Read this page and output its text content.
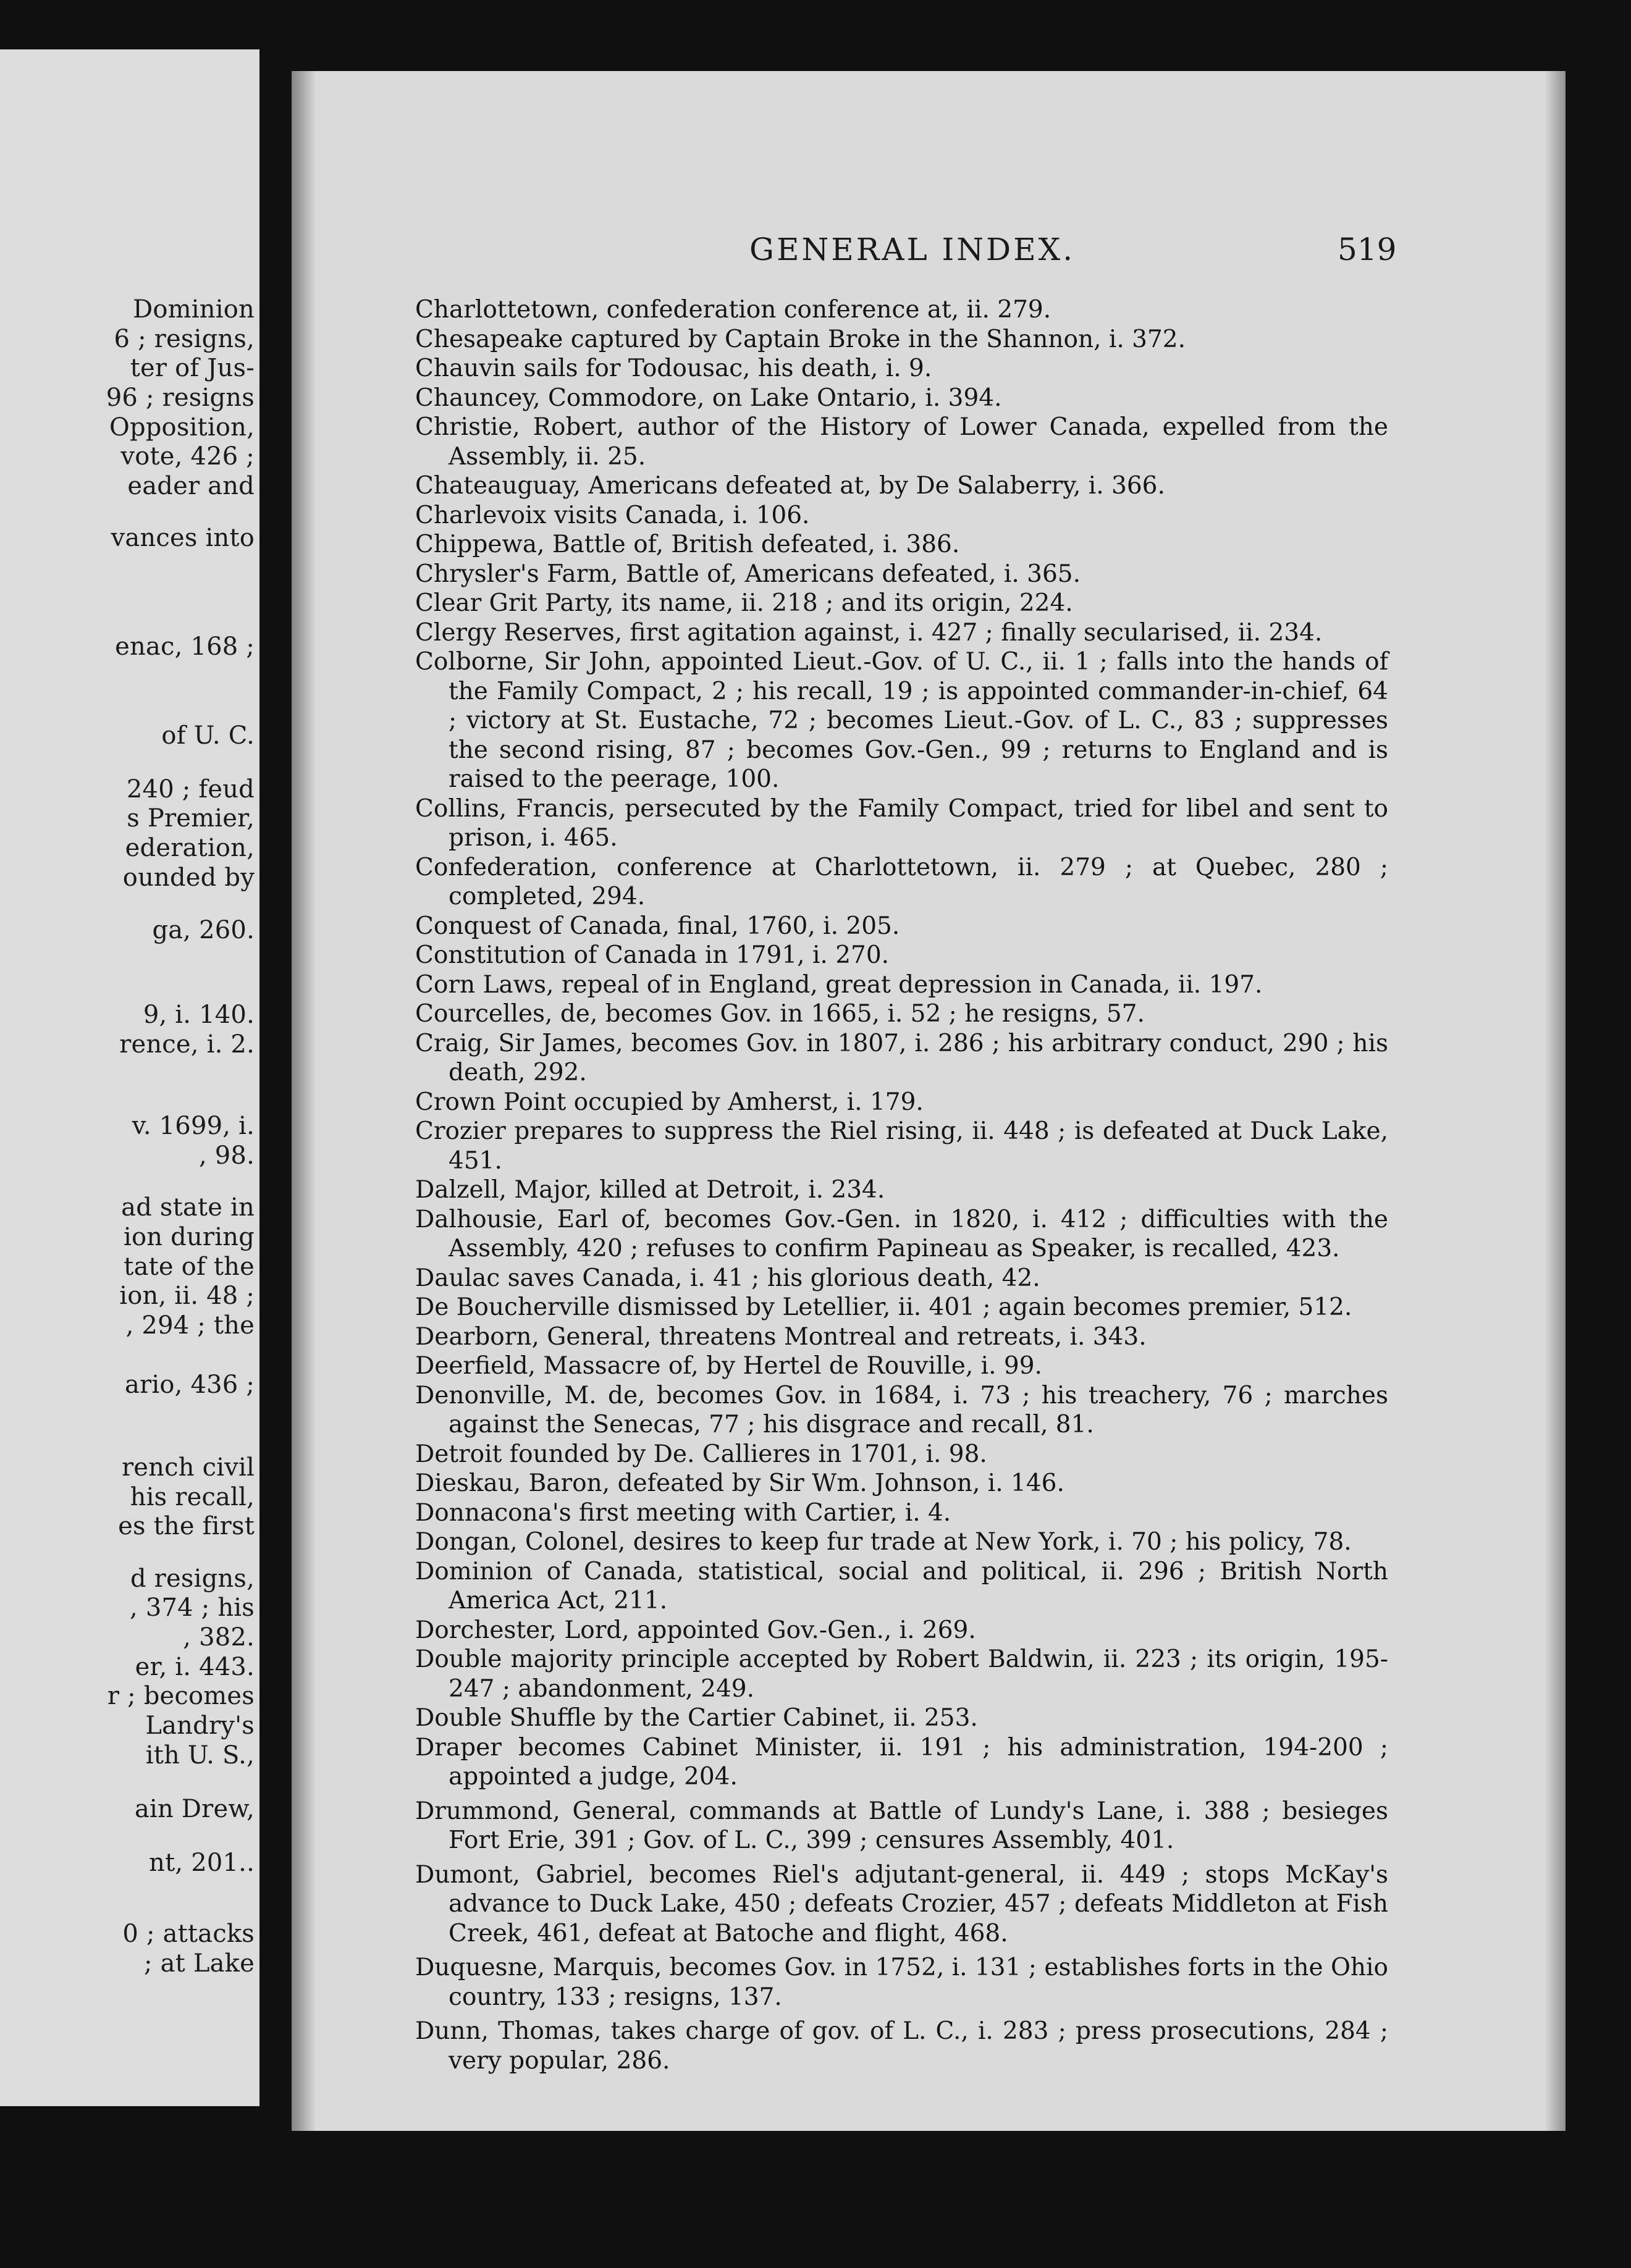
Dominion
6 ; resigns,
ter of Jus-
96 ; resigns
Opposition,
vote, 426 ;
eader and
vances into
enac, 168 ;
of U. C.
240 ; feud
s Premier,
ederation,
ounded by
ga, 260.
9, i. 140.
rence, i. 2.
v. 1699, i.
, 98.
ad state in
ion during
tate of the
ion, ii. 48 ;
, 294 ; the
ario, 436 ;
rench civil
his recall,
es the first
d resigns,
, 374 ; his
, 382.
er, i. 443.
r ; becomes
Landry's
ith U. S.,
ain Drew,
nt, 201..
0 ; attacks
; at Lake
GENERAL INDEX.	519

Charlottetown, confederation conference at, ii. 279.

Chesapeake captured by Captain Broke in the Shannon, i. 372.

Chauvin sails for Todousac, his death, i. 9.

Chauncey, Commodore, on Lake Ontario, i. 394.

Christie, Robert, author of the History of Lower Canada, expelled from the Assembly, ii. 25.

Chateauguay, Americans defeated at, by De Salaberry, i. 366.

Charlevoix visits Canada, i. 106.

Chippewa, Battle of, British defeated, i. 386.

Chrysler's Farm, Battle of, Americans defeated, i. 365.

Clear Grit Party, its name, ii. 218 ; and its origin, 224.

Clergy Reserves, first agitation against, i. 427 ; finally secularised, ii. 234.

Colborne, Sir John, appointed Lieut.-Gov. of U. C., ii. 1 ; falls into the hands of the Family Compact, 2 ; his recall, 19 ; is appointed commander-in-chief, 64 ; victory at St. Eustache, 72 ; becomes Lieut.-Gov. of L. C., 83 ; suppresses the second rising, 87 ; becomes Gov.-Gen., 99 ; returns to England and is raised to the peerage, 100.

Collins, Francis, persecuted by the Family Compact, tried for libel and sent to prison, i. 465.

Confederation, conference at Charlottetown, ii. 279 ; at Quebec, 280 ; completed, 294.

Conquest of Canada, final, 1760, i. 205.

Constitution of Canada in 1791, i. 270.

Corn Laws, repeal of in England, great depression in Canada, ii. 197.

Courcelles, de, becomes Gov. in 1665, i. 52 ; he resigns, 57.

Craig, Sir James, becomes Gov. in 1807, i. 286 ; his arbitrary conduct, 290 ; his death, 292.

Crown Point occupied by Amherst, i. 179.

Crozier prepares to suppress the Riel rising, ii. 448 ; is defeated at Duck Lake, 451.

Dalzell, Major, killed at Detroit, i. 234.

Dalhousie, Earl of, becomes Gov.-Gen. in 1820, i. 412 ; difficulties with the Assembly, 420 ; refuses to confirm Papineau as Speaker, is recalled, 423.

Daulac saves Canada, i. 41 ; his glorious death, 42.

De Boucherville dismissed by Letellier, ii. 401 ; again becomes premier, 512.

Dearborn, General, threatens Montreal and retreats, i. 343.

Deerfield, Massacre of, by Hertel de Rouville, i. 99.

Denonville, M. de, becomes Gov. in 1684, i. 73 ; his treachery, 76 ; marches against the Senecas, 77 ; his disgrace and recall, 81.

Detroit founded by De. Callieres in 1701, i. 98.

Dieskau, Baron, defeated by Sir Wm. Johnson, i. 146.

Donnacona's first meeting with Cartier, i. 4.

Dongan, Colonel, desires to keep fur trade at New York, i. 70 ; his policy, 78.

Dominion of Canada, statistical, social and political, ii. 296 ; British North America Act, 211.

Dorchester, Lord, appointed Gov.-Gen., i. 269.

Double majority principle accepted by Robert Baldwin, ii. 223 ; its origin, 195-247 ; abandonment, 249.

Double Shuffle by the Cartier Cabinet, ii. 253.

Draper becomes Cabinet Minister, ii. 191 ; his administration, 194-200 ; appointed a judge, 204.

Drummond, General, commands at Battle of Lundy's Lane, i. 388 ; besieges Fort Erie, 391 ; Gov. of L. C., 399 ; censures Assembly, 401.

Dumont, Gabriel, becomes Riel's adjutant-general, ii. 449 ; stops McKay's advance to Duck Lake, 450 ; defeats Crozier, 457 ; defeats Middleton at Fish Creek, 461, defeat at Batoche and flight, 468.

Duquesne, Marquis, becomes Gov. in 1752, i. 131 ; establishes forts in the Ohio country, 133 ; resigns, 137.

Dunn, Thomas, takes charge of gov. of L. C., i. 283 ; press prosecutions, 284 ; very popular, 286.
